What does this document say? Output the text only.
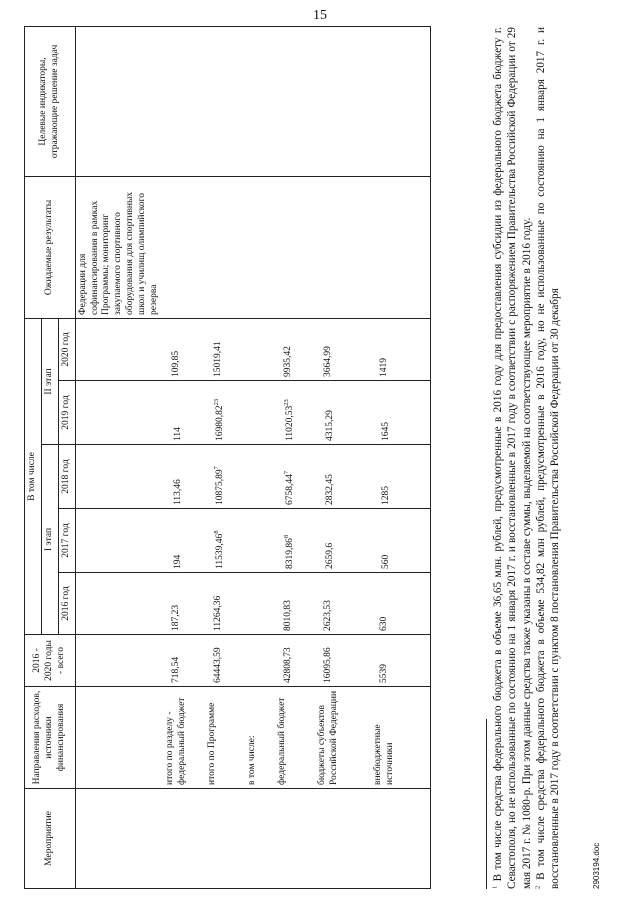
15
Мероприятие	Направления расходов, источники финансирования	2016 - 2020 годы - всего	В том числе					Ожидаемые результаты	Целевые индикаторы, отражающие решение задач
			I этап			II этап			
			2016 год	2017 год	2018 год	2019 год	2020 год		
								Федерации для софинансирования в рамках Программы; мониторинг закупаемого спортивного оборудования для спортивных школ и училищ олимпийского резерва	
	итого по разделу - федеральный бюджет	718,54	187,23	194	113,46	114	109,85		
	итого по Программе	64443,59	11264,36	11539,46$^8$	10875,89$^7$	16980,82$^{23}$	15019,41		
	в том числе:								
	федеральный бюджет	42808,73	8010,83	8319,86$^8$	6758,44$^7$	11020,53$^{23}$	9935,42		
	бюджеты субъектов Российской Федерации	16095,86	2623,53	2659,6	2832,45	4315,29	3664,99		
	внебюджетные источники	5539	630	560	1285	1645	1419		

$^1$ В том числе средства федерального бюджета в объеме 36,65 млн. рублей, предусмотренные в 2016 году для предоставления субсидии из федерального бюджета бюджету г. Севастополя, но не использованные по состоянию на 1 января 2017 г. и восстановленные в 2017 году в соответствии с распоряжением Правительства Российской Федерации от 29 мая 2017 г. № 1080-р. При этом данные средства также указаны в составе суммы, выделяемой на соответствующее мероприятие в 2016 году. $^2$ В том числе средства федерального бюджета в объеме 534,82 млн рублей, предусмотренные в 2016 году, но не использованные по состоянию на 1 января 2017 г. и восстановленные в 2017 году в соответствии с пунктом 8 постановления Правительства Российской Федерации от 30 декабря	2903194.doc
